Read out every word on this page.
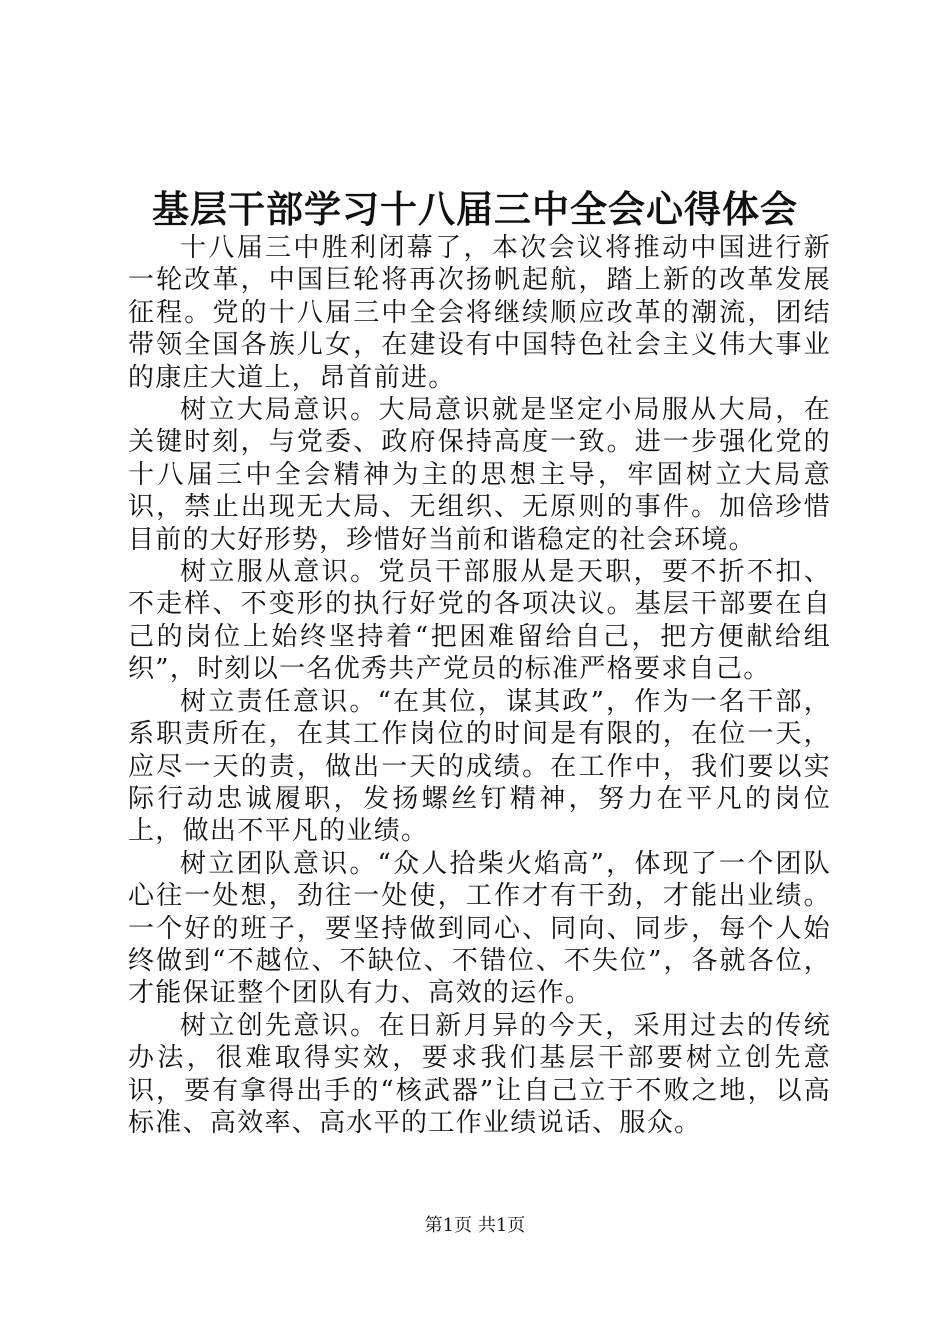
基层干部学习十八届三中全会心得体会

十八届三中胜利闭幕了，本次会议将推动中国进行新一轮改革，中国巨轮将再次扬帆起航，踏上新的改革发展征程。党的十八届三中全会将继续顺应改革的潮流，团结带领全国各族儿女，在建设有中国特色社会主义伟大事业的康庄大道上，昂首前进。

树立大局意识。大局意识就是坚定小局服从大局，在关键时刻，与党委、政府保持高度一致。进一步强化党的十八届三中全会精神为主的思想主导，牢固树立大局意识，禁止出现无大局、无组织、无原则的事件。加倍珍惜目前的大好形势，珍惜好当前和谐稳定的社会环境。

树立服从意识。党员干部服从是天职，要不折不扣、不走样、不变形的执行好党的各项决议。基层干部要在自己的岗位上始终坚持着“把困难留给自己，把方便献给组织”，时刻以一名优秀共产党员的标准严格要求自己。

树立责任意识。“在其位，谋其政”，作为一名干部，系职责所在，在其工作岗位的时间是有限的，在位一天，应尽一天的责，做出一天的成绩。在工作中，我们要以实际行动忠诚履职，发扬螺丝钉精神，努力在平凡的岗位上，做出不平凡的业绩。

树立团队意识。“众人拾柴火焰高”，体现了一个团队心往一处想，劲往一处使，工作才有干劲，才能出业绩。一个好的班子，要坚持做到同心、同向、同步，每个人始终做到“不越位、不缺位、不错位、不失位”，各就各位，才能保证整个团队有力、高效的运作。

树立创先意识。在日新月异的今天，采用过去的传统办法，很难取得实效，要求我们基层干部要树立创先意识，要有拿得出手的“核武器”让自己立于不败之地，以高标准、高效率、高水平的工作业绩说话、服众。

第1页 共1页
